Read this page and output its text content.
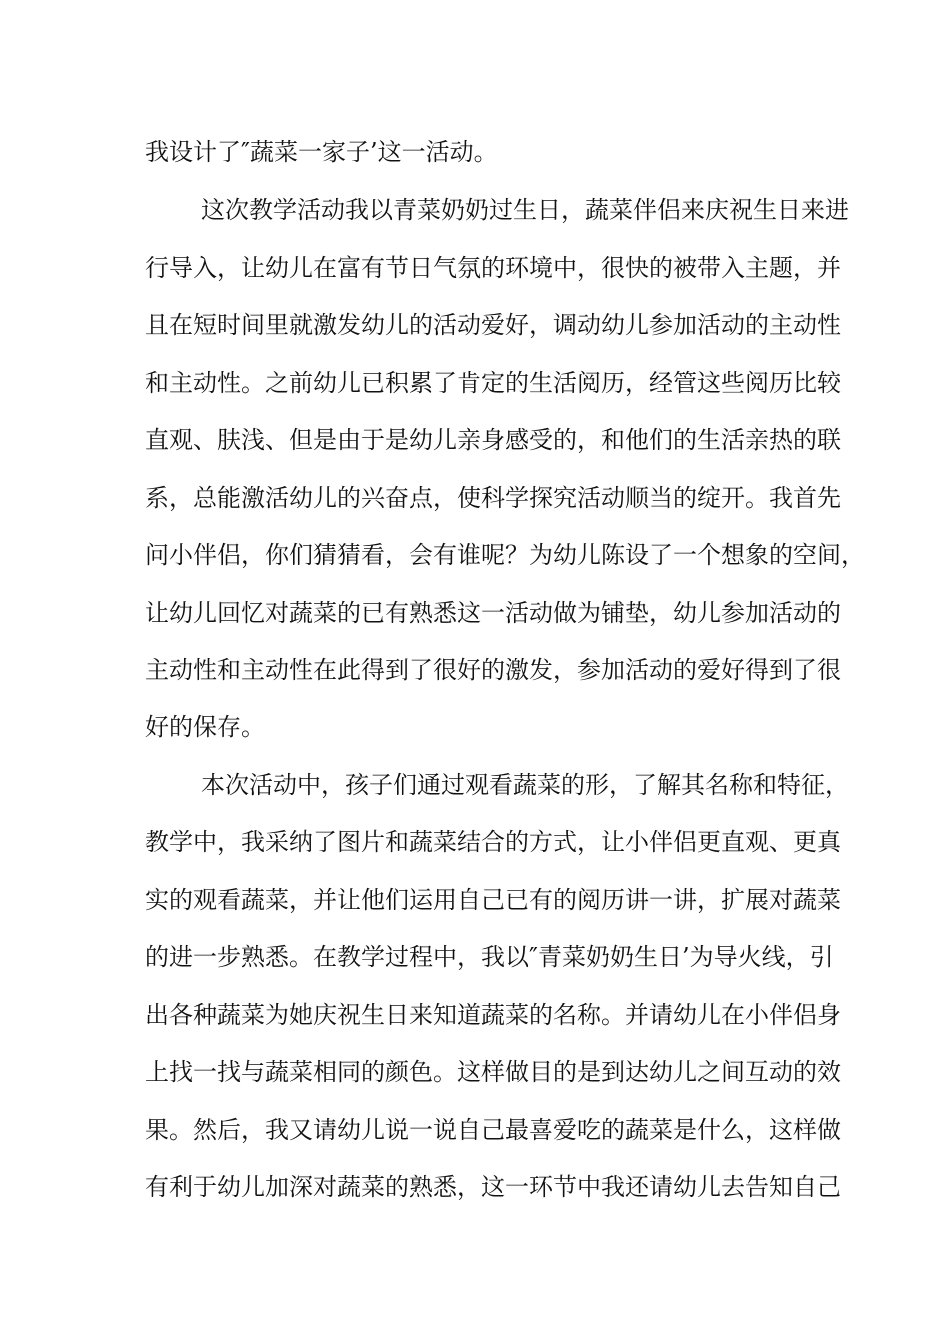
我设计了″蔬菜一家子’这一活动。
这次教学活动我以青菜奶奶过生日，蔬菜伴侣来庆祝生日来进
行导入，让幼儿在富有节日气氛的环境中，很快的被带入主题，并
且在短时间里就激发幼儿的活动爱好，调动幼儿参加活动的主动性
和主动性。之前幼儿已积累了肯定的生活阅历，经管这些阅历比较
直观、肤浅、但是由于是幼儿亲身感受的，和他们的生活亲热的联
系，总能激活幼儿的兴奋点，使科学探究活动顺当的绽开。我首先
问小伴侣，你们猜猜看，会有谁呢？为幼儿陈设了一个想象的空间，
让幼儿回忆对蔬菜的已有熟悉这一活动做为铺垫，幼儿参加活动的
主动性和主动性在此得到了很好的激发，参加活动的爱好得到了很
好的保存。
本次活动中，孩子们通过观看蔬菜的形，了解其名称和特征，
教学中，我采纳了图片和蔬菜结合的方式，让小伴侣更直观、更真
实的观看蔬菜，并让他们运用自己已有的阅历讲一讲，扩展对蔬菜
的进一步熟悉。在教学过程中，我以″青菜奶奶生日’为导火线，引
出各种蔬菜为她庆祝生日来知道蔬菜的名称。并请幼儿在小伴侣身
上找一找与蔬菜相同的颜色。这样做目的是到达幼儿之间互动的效
果。然后，我又请幼儿说一说自己最喜爱吃的蔬菜是什么，这样做
有利于幼儿加深对蔬菜的熟悉，这一环节中我还请幼儿去告知自己
